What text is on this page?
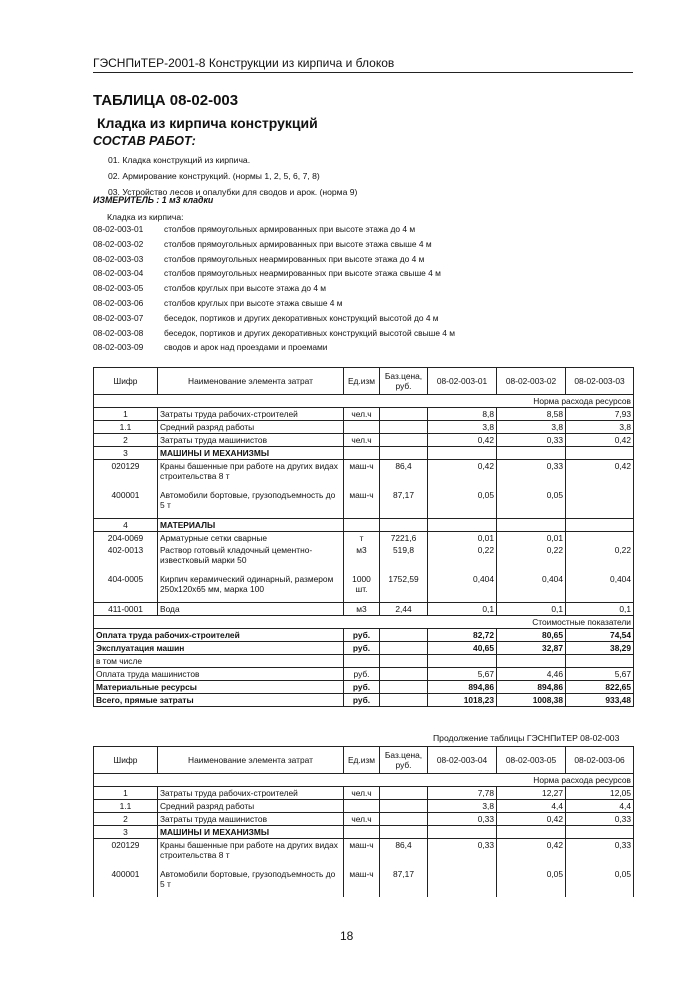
ГЭСНПиТЕР-2001-8 Конструкции из кирпича и блоков
ТАБЛИЦА 08-02-003
Кладка из кирпича конструкций
СОСТАВ РАБОТ:
01. Кладка конструкций из кирпича.
02. Армирование конструкций. (нормы 1, 2, 5, 6, 7, 8)
03. Устройство лесов и опалубки для сводов и арок. (норма 9)
ИЗМЕРИТЕЛЬ : 1 м3 кладки
Кладка из кирпича:
08-02-003-01 столбов прямоугольных армированных при высоте этажа до 4 м
08-02-003-02 столбов прямоугольных армированных при высоте этажа свыше 4 м
08-02-003-03 столбов прямоугольных неармированных при высоте этажа до 4 м
08-02-003-04 столбов прямоугольных неармированных при высоте этажа свыше 4 м
08-02-003-05 столбов круглых при высоте этажа до 4 м
08-02-003-06 столбов круглых при высоте этажа свыше 4 м
08-02-003-07 беседок, портиков и других декоративных конструкций высотой до 4 м
08-02-003-08 беседок, портиков и других декоративных конструкций высотой свыше 4 м
08-02-003-09 сводов и арок над проездами и проемами
Шифр	Наименование элемента затрат	Ед.изм	Баз.цена, руб.	08-02-003-01	08-02-003-02	08-02-003-03
Норма расхода ресурсов						
1	Затраты труда рабочих-строителей	чел.ч		8,8	8,58	7,93
1.1	Средний разряд работы			3,8	3,8	3,8
2	Затраты труда машинистов	чел.ч		0,42	0,33	0,42
3	МАШИНЫ И МЕХАНИЗМЫ					
020129	Краны башенные при работе на других видах строительства 8 т	маш-ч	86,4	0,42	0,33	0,42
400001	Автомобили бортовые, грузоподъемность до 5 т	маш-ч	87,17	0,05	0,05	
4	МАТЕРИАЛЫ					
204-0069	Арматурные сетки сварные	т	7221,6	0,01	0,01	
402-0013	Раствор готовый кладочный цементно-известковый марки 50	м3	519,8	0,22	0,22	0,22
404-0005	Кирпич керамический одинарный, размером 250х120х65 мм, марка 100	1000 шт.	1752,59	0,404	0,404	0,404
411-0001	Вода	м3	2,44	0,1	0,1	0,1
Стоимостные показатели						
Оплата труда рабочих-строителей		руб.		82,72	80,65	74,54
Эксплуатация машин		руб.		40,65	32,87	38,29
в том числе						
Оплата труда машинистов		руб.		5,67	4,46	5,67
Материальные ресурсы		руб.		894,86	894,86	822,65
Всего, прямые затраты		руб.		1018,23	1008,38	933,48
Продолжение таблицы ГЭСНПиТЕР 08-02-003
Шифр	Наименование элемента затрат	Ед.изм	Баз.цена, руб.	08-02-003-04	08-02-003-05	08-02-003-06
Норма расхода ресурсов						
1	Затраты труда рабочих-строителей	чел.ч		7,78	12,27	12,05
1.1	Средний разряд работы			3,8	4,4	4,4
2	Затраты труда машинистов	чел.ч		0,33	0,42	0,33
3	МАШИНЫ И МЕХАНИЗМЫ					
020129	Краны башенные при работе на других видах строительства 8 т	маш-ч	86,4	0,33	0,42	0,33
400001	Автомобили бортовые, грузоподъемность до 5 т	маш-ч	87,17		0,05	0,05
18
